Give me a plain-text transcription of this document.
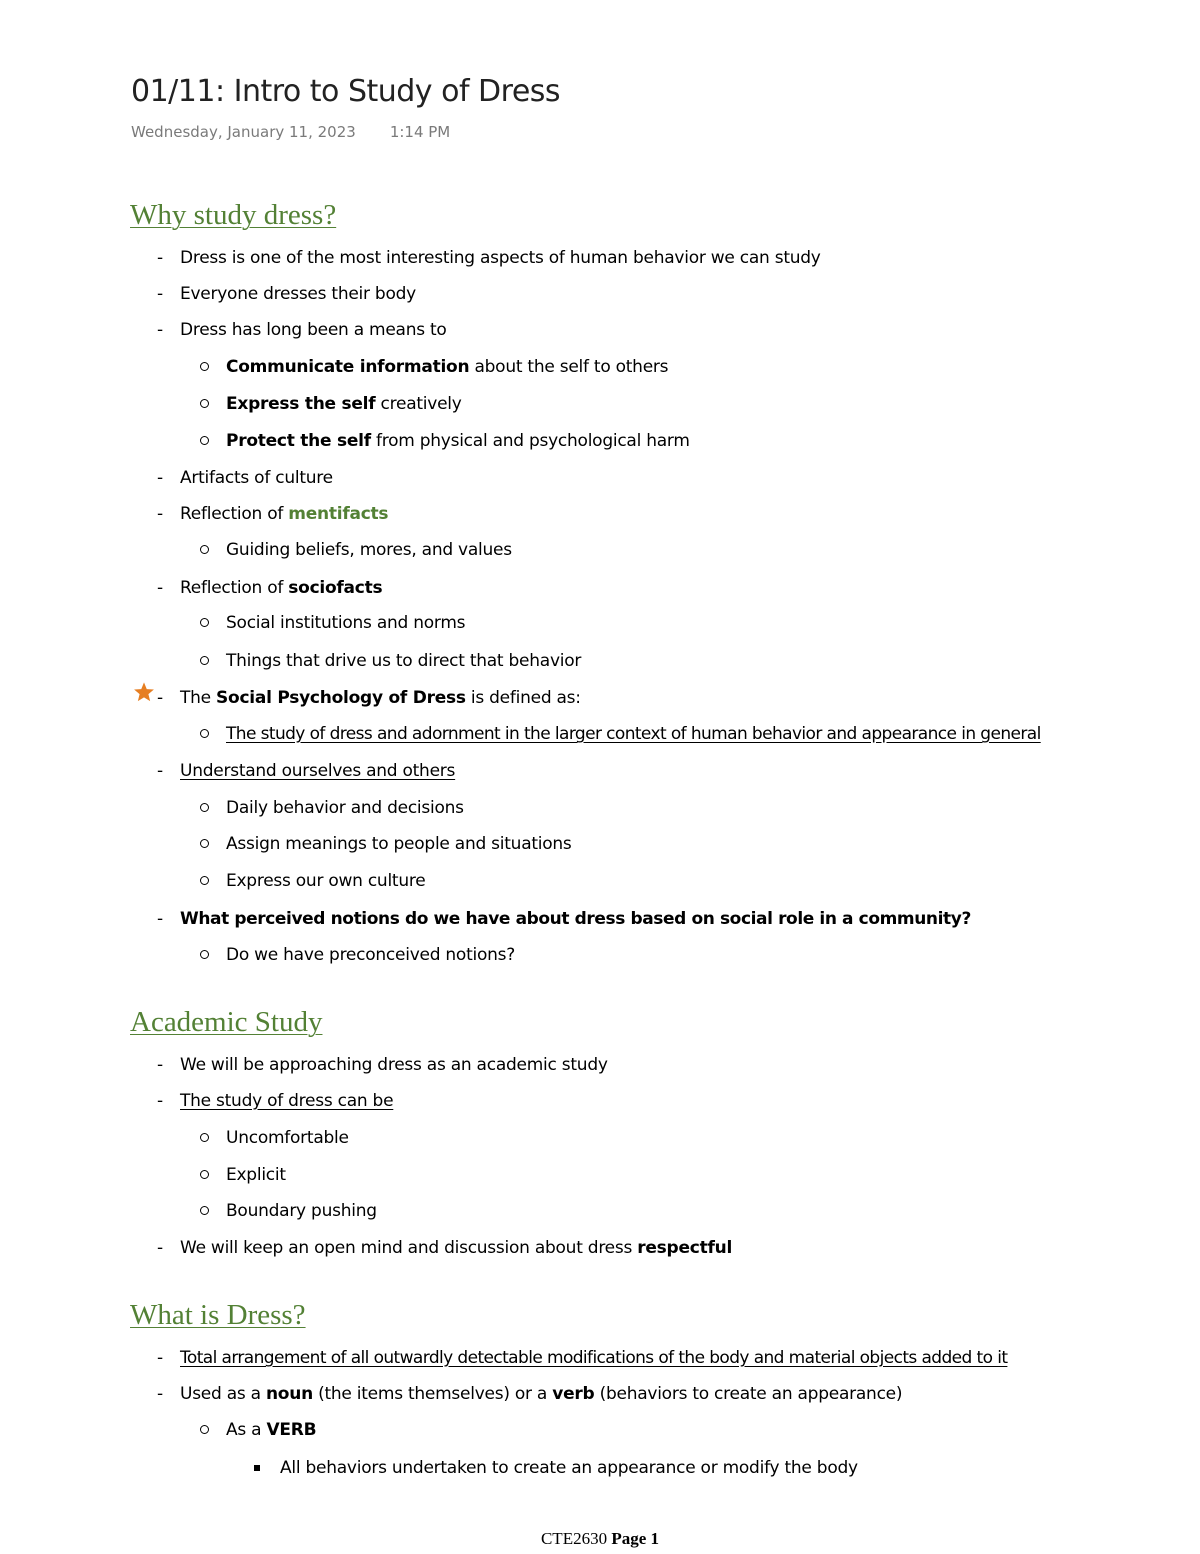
01/11: Intro to Study of Dress
Wednesday, January 11, 2023 1:14 PM
Why study dress?
- Dress is one of the most interesting aspects of human behavior we can study
- Everyone dresses their body
- Dress has long been a means to
Communicate information about the self to others
Express the self creatively
Protect the self from physical and psychological harm
- Artifacts of culture
- Reflection of mentifacts
Guiding beliefs, mores, and values
- Reflection of sociofacts
Social institutions and norms
Things that drive us to direct that behavior
- The Social Psychology of Dress is defined as:
The study of dress and adornment in the larger context of human behavior and appearance in general
- Understand ourselves and others
Daily behavior and decisions
Assign meanings to people and situations
Express our own culture
- What perceived notions do we have about dress based on social role in a community?
Do we have preconceived notions?
Academic Study
- We will be approaching dress as an academic study
- The study of dress can be
Uncomfortable
Explicit
Boundary pushing
- We will keep an open mind and discussion about dress respectful
What is Dress?
- Total arrangement of all outwardly detectable modifications of the body and material objects added to it
- Used as a noun (the items themselves) or a verb (behaviors to create an appearance)
As a VERB
All behaviors undertaken to create an appearance or modify the body
CTE2630 Page 1
